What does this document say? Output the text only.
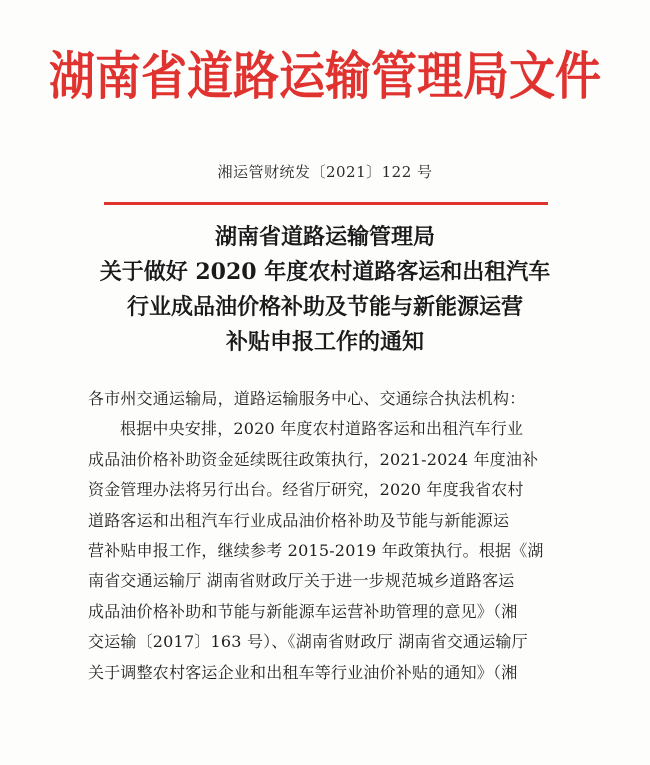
湖南省道路运输管理局文件
湘运管财统发〔2021〕122 号
湖南省道路运输管理局
关于做好 2020 年度农村道路客运和出租汽车
行业成品油价格补助及节能与新能源运营
补贴申报工作的通知
各市州交通运输局，道路运输服务中心、交通综合执法机构：
根据中央安排，2020 年度农村道路客运和出租汽车行业
成品油价格补助资金延续既往政策执行，2021-2024 年度油补
资金管理办法将另行出台。经省厅研究，2020 年度我省农村
道路客运和出租汽车行业成品油价格补助及节能与新能源运
营补贴申报工作，继续参考 2015-2019 年政策执行。根据《湖
南省交通运输厅 湖南省财政厅关于进一步规范城乡道路客运
成品油价格补助和节能与新能源车运营补助管理的意见》（湘
交运输〔2017〕163 号）、《湖南省财政厅 湖南省交通运输厅
关于调整农村客运企业和出租车等行业油价补贴的通知》（湘
